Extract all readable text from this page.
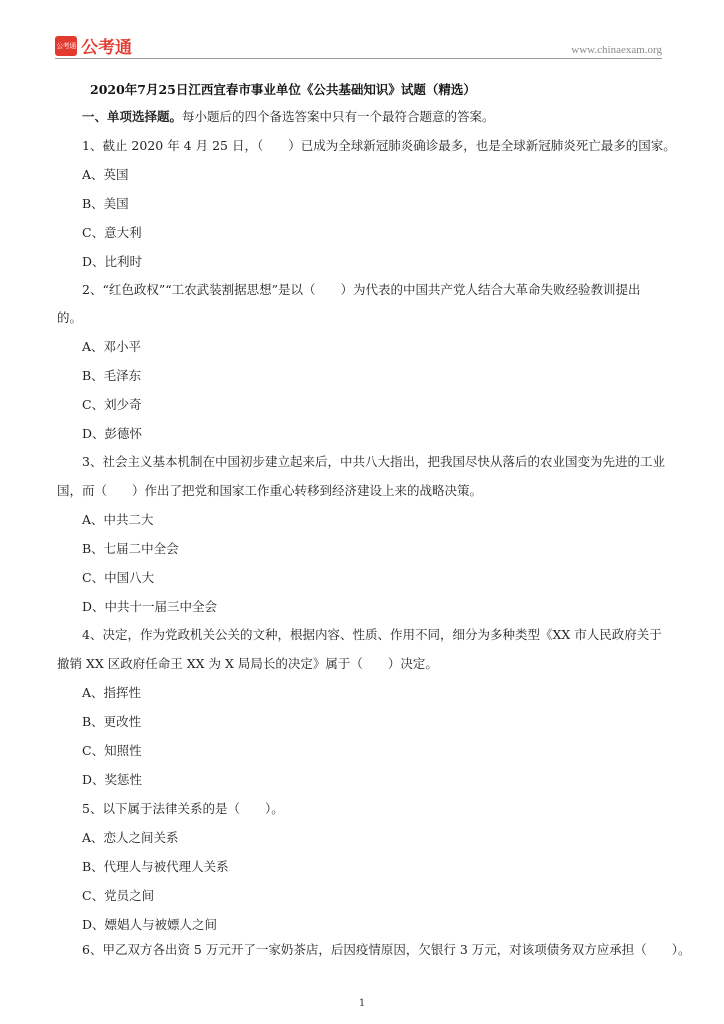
公考通 公考通	www.chinaexam.org
2020年7月25日江西宜春市事业单位《公共基础知识》试题（精选）
一、单项选择题。每小题后的四个备选答案中只有一个最符合题意的答案。
1、截止 2020 年 4 月 25 日，（　　）已成为全球新冠肺炎确诊最多，也是全球新冠肺炎死亡最多的国家。
A、英国
B、美国
C、意大利
D、比利时
2、“红色政权”“工农武装割据思想”是以（　　）为代表的中国共产党人结合大革命失败经验教训提出
的。
A、邓小平
B、毛泽东
C、刘少奇
D、彭德怀
3、社会主义基本机制在中国初步建立起来后，中共八大指出，把我国尽快从落后的农业国变为先进的工业
国，而（　　）作出了把党和国家工作重心转移到经济建设上来的战略决策。
A、中共二大
B、七届二中全会
C、中国八大
D、中共十一届三中全会
4、决定，作为党政机关公关的文种，根据内容、性质、作用不同，细分为多种类型《XX 市人民政府关于
撤销 XX 区政府任命王 XX 为 X 局局长的决定》属于（　　）决定。
A、指挥性
B、更改性
C、知照性
D、奖惩性
5、以下属于法律关系的是（　　）。
A、恋人之间关系
B、代理人与被代理人关系
C、党员之间
D、嫖娼人与被嫖人之间
6、甲乙双方各出资 5 万元开了一家奶茶店，后因疫情原因，欠银行 3 万元，对该项债务双方应承担（　　）。
1
